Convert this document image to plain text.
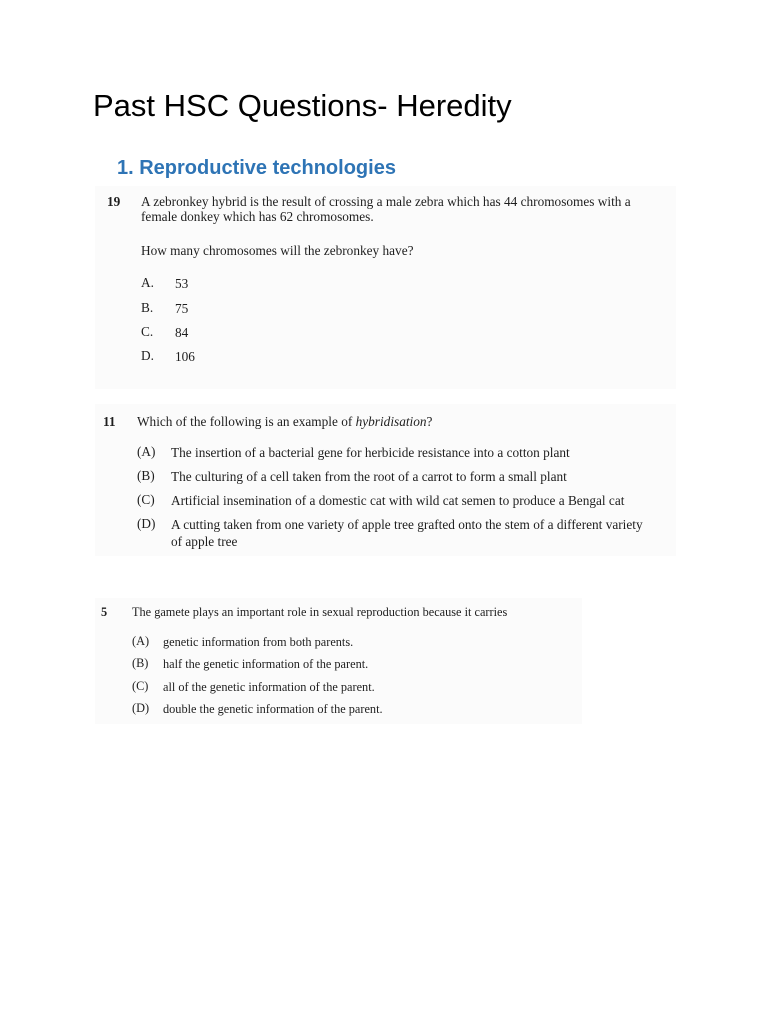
Past HSC Questions- Heredity
1. Reproductive technologies
19 A zebronkey hybrid is the result of crossing a male zebra which has 44 chromosomes with a female donkey which has 62 chromosomes.
How many chromosomes will the zebronkey have?
A. 53
B. 75
C. 84
D. 106
11 Which of the following is an example of hybridisation?
(A) The insertion of a bacterial gene for herbicide resistance into a cotton plant
(B) The culturing of a cell taken from the root of a carrot to form a small plant
(C) Artificial insemination of a domestic cat with wild cat semen to produce a Bengal cat
(D) A cutting taken from one variety of apple tree grafted onto the stem of a different variety of apple tree
5 The gamete plays an important role in sexual reproduction because it carries
(A) genetic information from both parents.
(B) half the genetic information of the parent.
(C) all of the genetic information of the parent.
(D) double the genetic information of the parent.
